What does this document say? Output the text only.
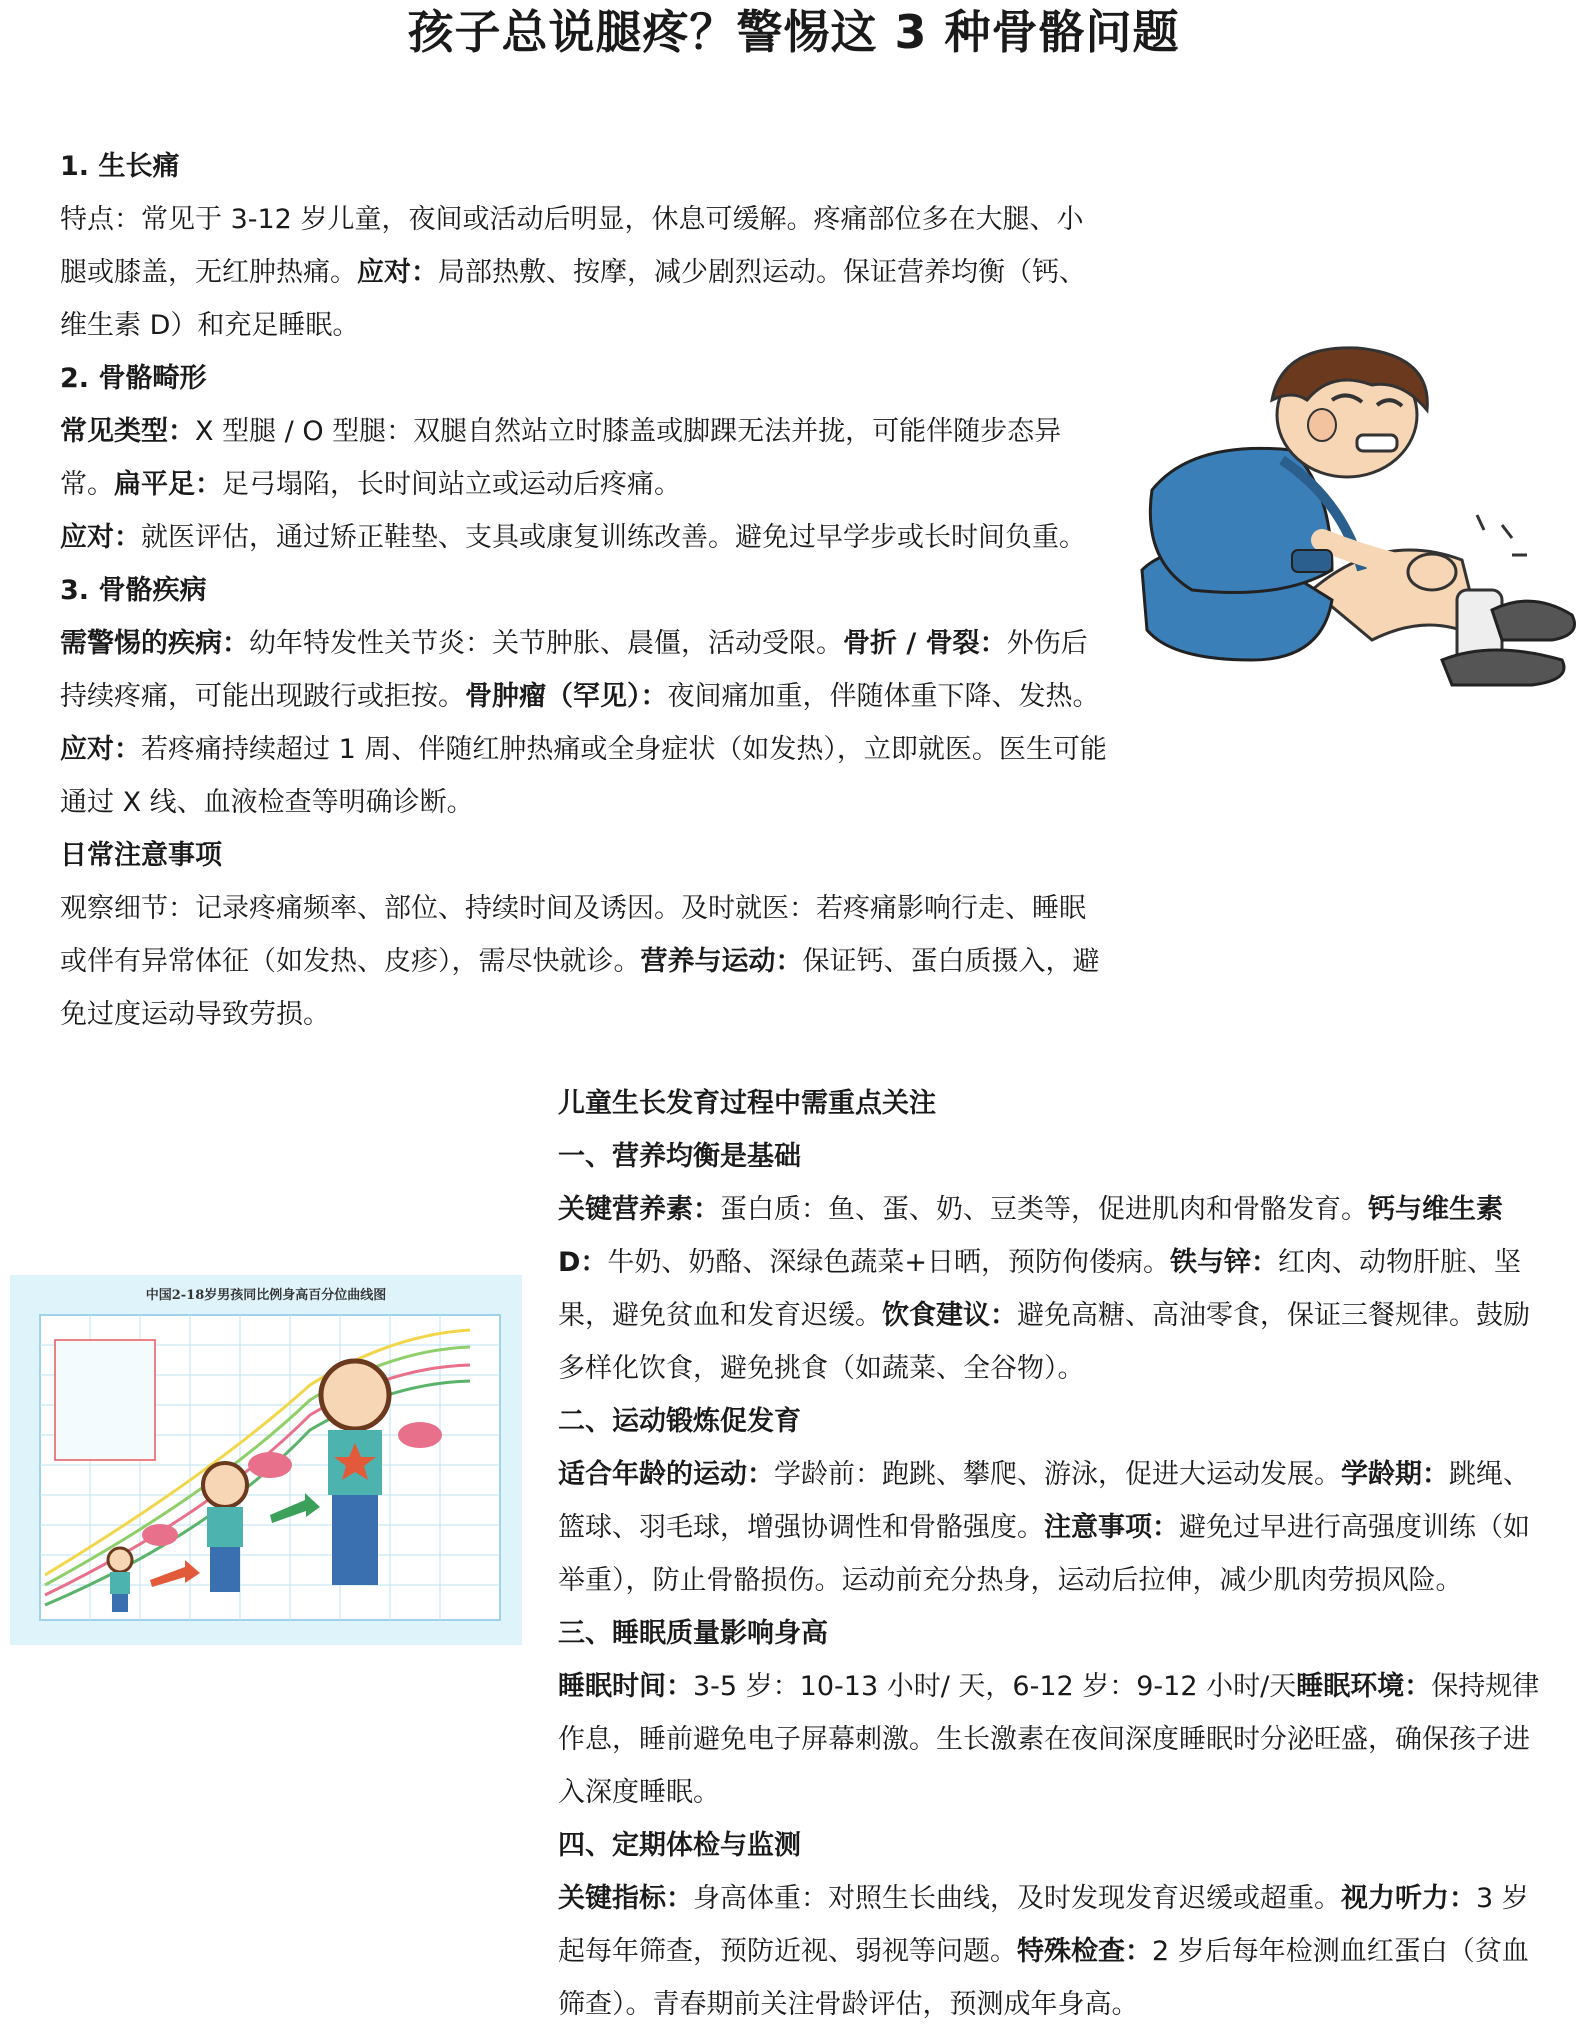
孩子总说腿疼？警惕这 3 种骨骼问题

1. 生长痛

特点：常见于 3-12 岁儿童，夜间或活动后明显，休息可缓解。疼痛部位多在大腿、小腿或膝盖，无红肿热痛。应对：局部热敷、按摩，减少剧烈运动。保证营养均衡（钙、维生素 D）和充足睡眠。

2. 骨骼畸形

常见类型：X 型腿 / O 型腿：双腿自然站立时膝盖或脚踝无法并拢，可能伴随步态异常。扁平足：足弓塌陷，长时间站立或运动后疼痛。

应对：就医评估，通过矫正鞋垫、支具或康复训练改善。避免过早学步或长时间负重。

3. 骨骼疾病

需警惕的疾病：幼年特发性关节炎：关节肿胀、晨僵，活动受限。骨折 / 骨裂：外伤后持续疼痛，可能出现跛行或拒按。骨肿瘤（罕见）：夜间痛加重，伴随体重下降、发热。应对：若疼痛持续超过 1 周、伴随红肿热痛或全身症状（如发热），立即就医。医生可能通过 X 线、血液检查等明确诊断。

日常注意事项

观察细节：记录疼痛频率、部位、持续时间及诱因。及时就医：若疼痛影响行走、睡眠或伴有异常体征（如发热、皮疹），需尽快就诊。营养与运动：保证钙、蛋白质摄入，避免过度运动导致劳损。

中国2-18岁男孩同比例身高百分位曲线图

儿童生长发育过程中需重点关注

一、营养均衡是基础

关键营养素：蛋白质：鱼、蛋、奶、豆类等，促进肌肉和骨骼发育。钙与维生素 D：牛奶、奶酪、深绿色蔬菜+日晒，预防佝偻病。铁与锌：红肉、动物肝脏、坚果，避免贫血和发育迟缓。饮食建议：避免高糖、高油零食，保证三餐规律。鼓励多样化饮食，避免挑食（如蔬菜、全谷物）。

二、运动锻炼促发育

适合年龄的运动：学龄前：跑跳、攀爬、游泳，促进大运动发展。学龄期：跳绳、篮球、羽毛球，增强协调性和骨骼强度。注意事项：避免过早进行高强度训练（如举重），防止骨骼损伤。运动前充分热身，运动后拉伸，减少肌肉劳损风险。

三、睡眠质量影响身高

睡眠时间：3-5 岁：10-13 小时/ 天，6-12 岁：9-12 小时/天睡眠环境：保持规律作息，睡前避免电子屏幕刺激。生长激素在夜间深度睡眠时分泌旺盛，确保孩子进入深度睡眠。

四、定期体检与监测

关键指标：身高体重：对照生长曲线，及时发现发育迟缓或超重。视力听力：3 岁起每年筛查，预防近视、弱视等问题。特殊检查：2 岁后每年检测血红蛋白（贫血筛查）。青春期前关注骨龄评估，预测成年身高。
